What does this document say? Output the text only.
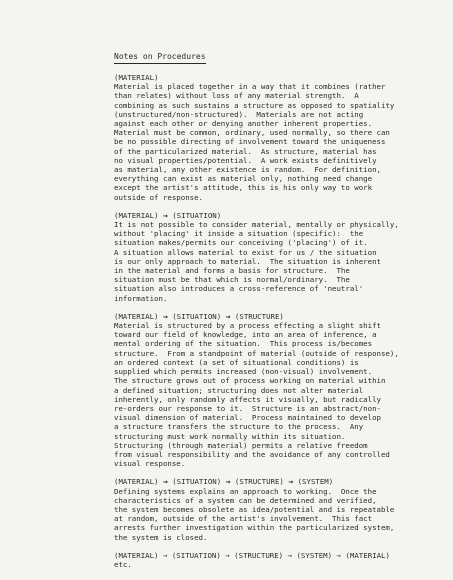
Notes on Procedures
(MATERIAL)
Material is placed together in a way that it combines (rather
than relates) without loss of any material strength.  A
combining as such sustains a structure as opposed to spatiality
(unstructured/non-structured).  Materials are not acting
against each other or denying another inherent properties.
Material must be common, ordinary, used normally, so there can
be no possible directing of involvement toward the uniqueness
of the particularized material.  As structure, material has
no visual properties/potential.  A work exists definitively
as material, any other existence is random.  For definition,
everything can exist as material only, nothing need change
except the artist's attitude, this is his only way to work
outside of response.
(MATERIAL) → (SITUATION)
It is not possible to consider material, mentally or physically,
without 'placing' it inside a situation (specific):  the
situation makes/permits our conceiving ('placing') of it.
A situation allows material to exist for us / the situation
is our only approach to material.  The situation is inherent
in the material and forms a basis for structure.  The
situation must be that which is normal/ordinary.  The
situation also introduces a cross-reference of 'neutral'
information.
(MATERIAL) → (SITUATION) → (STRUCTURE)
Material is structured by a process effecting a slight shift
toward our field of knowledge, into an area of inference, a
mental ordering of the situation.  This process is/becomes
structure.  From a standpoint of material (outside of response),
an ordered context (a set of situational conditions) is
supplied which permits increased (non-visual) involvement.
The structure grows out of process working on material within
a defined situation; structuring does not alter material
inherently, only randomly affects it visually, but radically
re-orders our response to it.  Structure is an abstract/non-
visual dimension of material.  Process maintained to develop
a structure transfers the structure to the process.  Any
structuring must work normally within its situation.
Structuring (through material) permits a relative freedom
from visual responsibility and the avoidance of any controlled
visual response.
(MATERIAL) → (SITUATION) → (STRUCTURE) → (SYSTEM)
Defining systems explains an approach to working.  Once the
characteristics of a system can be determined and verified,
the system becomes obsolete as idea/potential and is repeatable
at random, outside of the artist's involvement.  This fact
arrests further investigation within the particularized system,
the system is closed.
(MATERIAL) → (SITUATION) → (STRUCTURE) → (SYSTEM) → (MATERIAL)
etc.
